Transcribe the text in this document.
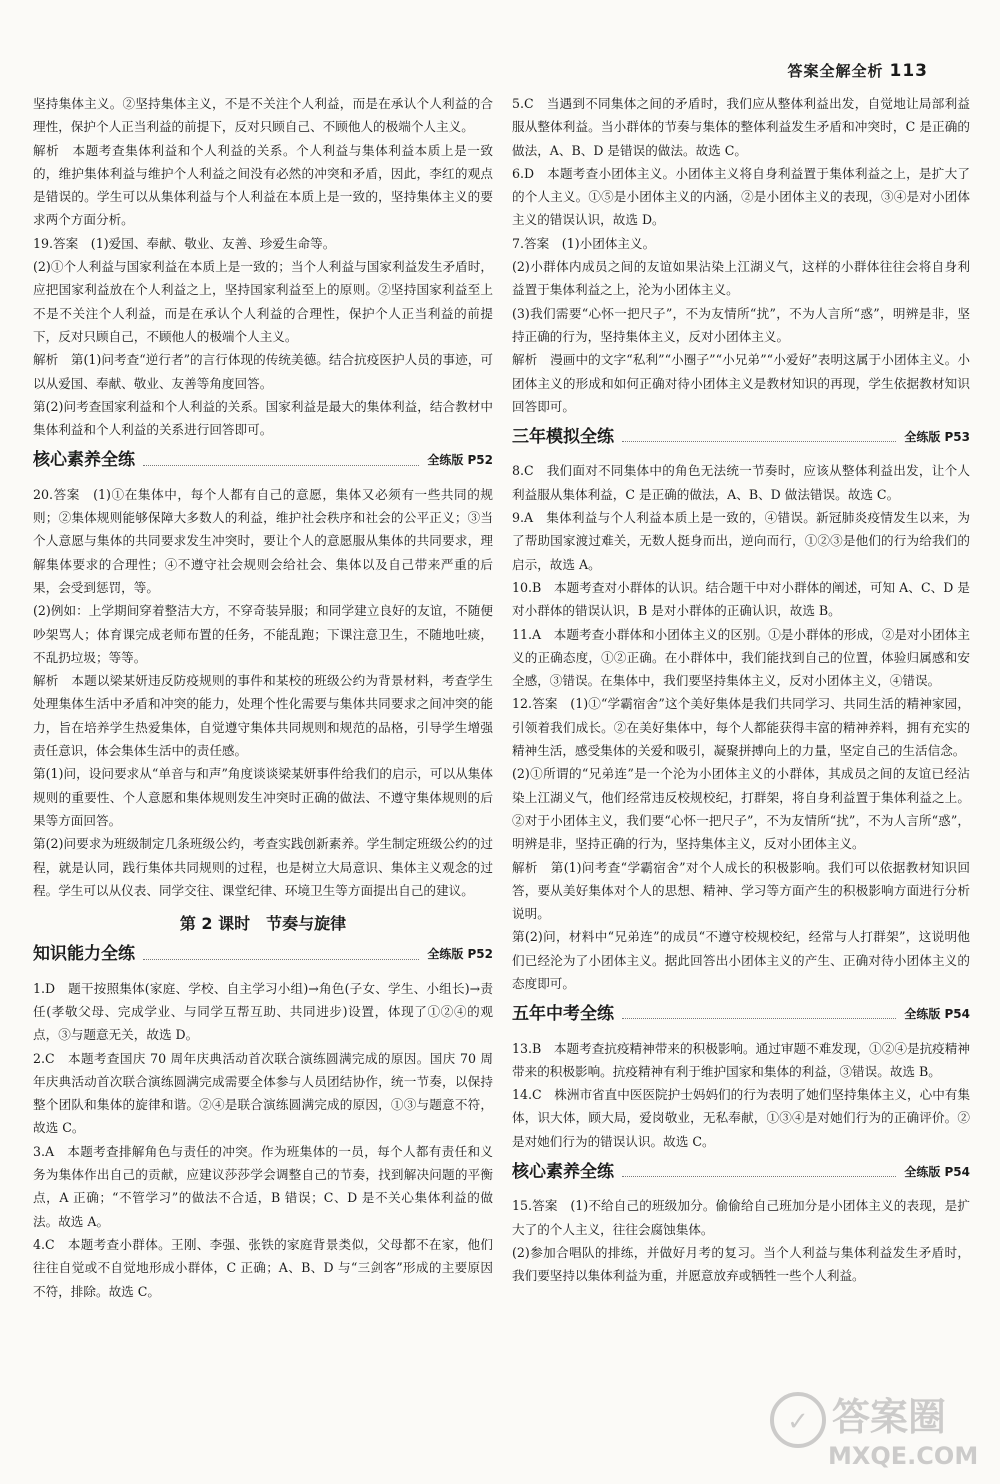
答案全解全析 113

坚持集体主义。②坚持集体主义，不是不关注个人利益，而是在承认个人利益的合理性，保护个人正当利益的前提下，反对只顾自己、不顾他人的极端个人主义。

解析　本题考查集体利益和个人利益的关系。个人利益与集体利益本质上是一致的，维护集体利益与维护个人利益之间没有必然的冲突和矛盾，因此，李红的观点是错误的。学生可以从集体利益与个人利益在本质上是一致的，坚持集体主义的要求两个方面分析。

19.答案　(1)爱国、奉献、敬业、友善、珍爱生命等。

(2)①个人利益与国家利益在本质上是一致的；当个人利益与国家利益发生矛盾时，应把国家利益放在个人利益之上，坚持国家利益至上的原则。②坚持国家利益至上不是不关注个人利益，而是在承认个人利益的合理性，保护个人正当利益的前提下，反对只顾自己，不顾他人的极端个人主义。

解析　第(1)问考查“逆行者”的言行体现的传统美德。结合抗疫医护人员的事迹，可以从爱国、奉献、敬业、友善等角度回答。

第(2)问考查国家利益和个人利益的关系。国家利益是最大的集体利益，结合教材中集体利益和个人利益的关系进行回答即可。

核心素养全练	全练版 P52

20.答案　(1)①在集体中，每个人都有自己的意愿，集体又必须有一些共同的规则；②集体规则能够保障大多数人的利益，维护社会秩序和社会的公平正义；③当个人意愿与集体的共同要求发生冲突时，要让个人的意愿服从集体的共同要求，理解集体要求的合理性；④不遵守社会规则会给社会、集体以及自己带来严重的后果，会受到惩罚，等。

(2)例如：上学期间穿着整洁大方，不穿奇装异服；和同学建立良好的友谊，不随便吵架骂人；体育课完成老师布置的任务，不能乱跑；下课注意卫生，不随地吐痰，不乱扔垃圾；等等。

解析　本题以梁某妍违反防疫规则的事件和某校的班级公约为背景材料，考查学生处理集体生活中矛盾和冲突的能力，处理个性化需要与集体共同要求之间冲突的能力，旨在培养学生热爱集体，自觉遵守集体共同规则和规范的品格，引导学生增强责任意识，体会集体生活中的责任感。

第(1)问，设问要求从“单音与和声”角度谈谈梁某妍事件给我们的启示，可以从集体规则的重要性、个人意愿和集体规则发生冲突时正确的做法、不遵守集体规则的后果等方面回答。

第(2)问要求为班级制定几条班级公约，考查实践创新素养。学生制定班级公约的过程，就是认同，践行集体共同规则的过程，也是树立大局意识、集体主义观念的过程。学生可以从仪表、同学交往、课堂纪律、环境卫生等方面提出自己的建议。

第 2 课时　节奏与旋律
知识能力全练	全练版 P52

1.D　题干按照集体(家庭、学校、自主学习小组)→角色(子女、学生、小组长)→责任(孝敬父母、完成学业、与同学互帮互助、共同进步)设置，体现了①②④的观点，③与题意无关，故选 D。

2.C　本题考查国庆 70 周年庆典活动首次联合演练圆满完成的原因。国庆 70 周年庆典活动首次联合演练圆满完成需要全体参与人员团结协作，统一节奏，以保持整个团队和集体的旋律和谐。②④是联合演练圆满完成的原因，①③与题意不符，故选 C。

3.A　本题考查排解角色与责任的冲突。作为班集体的一员，每个人都有责任和义务为集体作出自己的贡献，应建议莎莎学会调整自己的节奏，找到解决问题的平衡点，A 正确；“不管学习”的做法不合适，B 错误；C、D 是不关心集体利益的做法。故选 A。

4.C　本题考查小群体。王刚、李强、张铁的家庭背景类似，父母都不在家，他们往往自觉或不自觉地形成小群体，C 正确；A、B、D 与“三剑客”形成的主要原因不符，排除。故选 C。

5.C　当遇到不同集体之间的矛盾时，我们应从整体利益出发，自觉地让局部利益服从整体利益。当小群体的节奏与集体的整体利益发生矛盾和冲突时，C 是正确的做法，A、B、D 是错误的做法。故选 C。

6.D　本题考查小团体主义。小团体主义将自身利益置于集体利益之上，是扩大了的个人主义。①⑤是小团体主义的内涵，②是小团体主义的表现，③④是对小团体主义的错误认识，故选 D。

7.答案　(1)小团体主义。

(2)小群体内成员之间的友谊如果沾染上江湖义气，这样的小群体往往会将自身利益置于集体利益之上，沦为小团体主义。

(3)我们需要“心怀一把尺子”，不为友情所“扰”，不为人言所“惑”，明辨是非，坚持正确的行为，坚持集体主义，反对小团体主义。

解析　漫画中的文字“私利”“小圈子”“小兄弟”“小爱好”表明这属于小团体主义。小团体主义的形成和如何正确对待小团体主义是教材知识的再现，学生依据教材知识回答即可。

三年模拟全练	全练版 P53

8.C　我们面对不同集体中的角色无法统一节奏时，应该从整体利益出发，让个人利益服从集体利益，C 是正确的做法，A、B、D 做法错误。故选 C。

9.A　集体利益与个人利益本质上是一致的，④错误。新冠肺炎疫情发生以来，为了帮助国家渡过难关，无数人挺身而出，逆向而行，①②③是他们的行为给我们的启示，故选 A。

10.B　本题考查对小群体的认识。结合题干中对小群体的阐述，可知 A、C、D 是对小群体的错误认识，B 是对小群体的正确认识，故选 B。

11.A　本题考查小群体和小团体主义的区别。①是小群体的形成，②是对小团体主义的正确态度，①②正确。在小群体中，我们能找到自己的位置，体验归属感和安全感，③错误。在集体中，我们要坚持集体主义，反对小团体主义，④错误。

12.答案　(1)①“学霸宿舍”这个美好集体是我们共同学习、共同生活的精神家园，引领着我们成长。②在美好集体中，每个人都能获得丰富的精神养料，拥有充实的精神生活，感受集体的关爱和吸引，凝聚拼搏向上的力量，坚定自己的生活信念。

(2)①所谓的“兄弟连”是一个沦为小团体主义的小群体，其成员之间的友谊已经沾染上江湖义气，他们经常违反校规校纪，打群架，将自身利益置于集体利益之上。②对于小团体主义，我们要“心怀一把尺子”，不为友情所“扰”，不为人言所“惑”，明辨是非，坚持正确的行为，坚持集体主义，反对小团体主义。

解析　第(1)问考查“学霸宿舍”对个人成长的积极影响。我们可以依据教材知识回答，要从美好集体对个人的思想、精神、学习等方面产生的积极影响方面进行分析说明。

第(2)问，材料中“兄弟连”的成员“不遵守校规校纪，经常与人打群架”，这说明他们已经沦为了小团体主义。据此回答出小团体主义的产生、正确对待小团体主义的态度即可。

五年中考全练	全练版 P54

13.B　本题考查抗疫精神带来的积极影响。通过审题不难发现，①②④是抗疫精神带来的积极影响。抗疫精神有利于维护国家和集体的利益，③错误。故选 B。

14.C　株洲市省直中医医院护士妈妈们的行为表明了她们坚持集体主义，心中有集体，识大体，顾大局，爱岗敬业，无私奉献，①③④是对她们行为的正确评价。②是对她们行为的错误认识。故选 C。

核心素养全练	全练版 P54

15.答案　(1)不给自己的班级加分。偷偷给自己班加分是小团体主义的表现，是扩大了的个人主义，往往会腐蚀集体。

(2)参加合唱队的排练，并做好月考的复习。当个人利益与集体利益发生矛盾时，我们要坚持以集体利益为重，并愿意放弃或牺牲一些个人利益。

✓ 答案圈
MXQE.COM
